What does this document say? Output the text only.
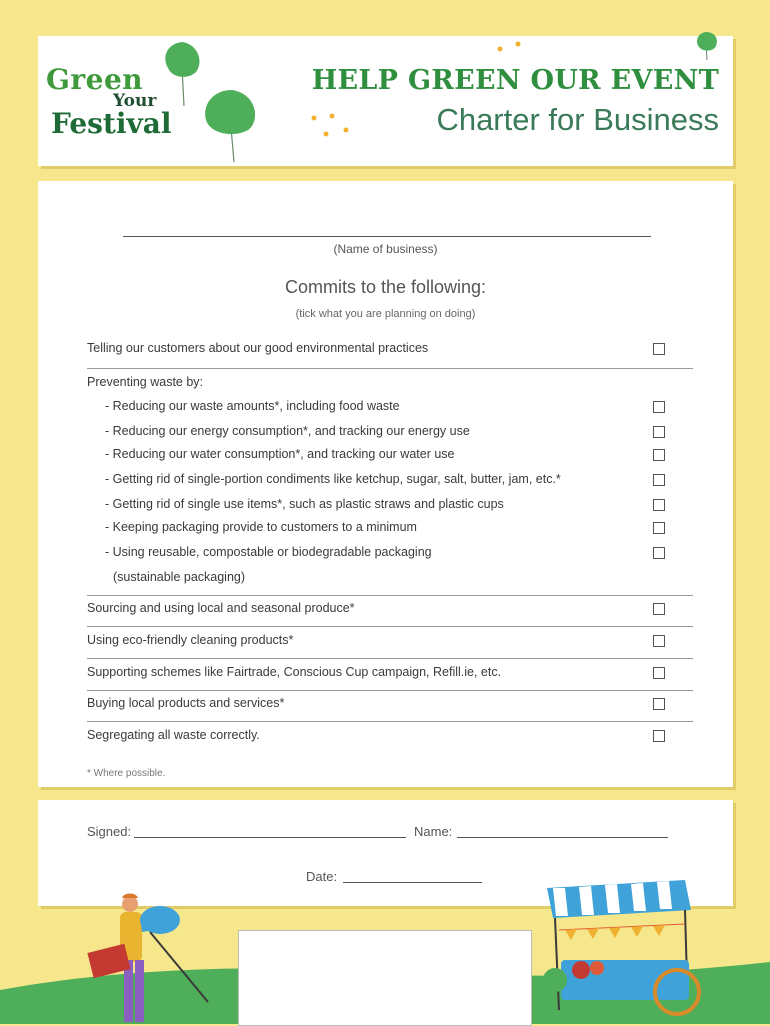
Green
Your
Festival
HELP GREEN OUR EVENT
Charter for Business
(Name of business)
Commits to the following:
(tick what you are planning on doing)
Telling our customers about our good environmental practices
Preventing waste by:
- Reducing our waste amounts*, including food waste
- Reducing our energy consumption*, and tracking our energy use
- Reducing our water consumption*, and tracking our water use
- Getting rid of single-portion condiments like ketchup, sugar, salt, butter, jam, etc.*
- Getting rid of single use items*, such as plastic straws and plastic cups
- Keeping packaging provide to customers to a minimum
- Using reusable, compostable or biodegradable packaging
(sustainable packaging)
Sourcing and using local and seasonal produce*
Using eco-friendly cleaning products*
Supporting schemes like Fairtrade, Conscious Cup campaign, Refill.ie, etc.
Buying local products and services*
Segregating all waste correctly.
* Where possible.
Signed:	Name:
Date:
